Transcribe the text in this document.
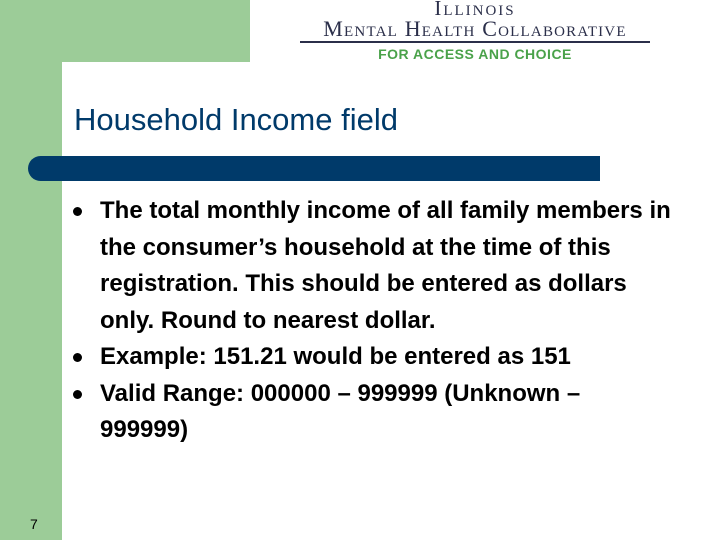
Illinois
Mental Health Collaborative
FOR ACCESS AND CHOICE
Household Income field
The total monthly income of all family members in the consumer’s household at the time of this registration. This should be entered as dollars only. Round to nearest dollar.
Example: 151.21 would be entered as 151
Valid Range: 000000 – 999999 (Unknown – 999999)
7
